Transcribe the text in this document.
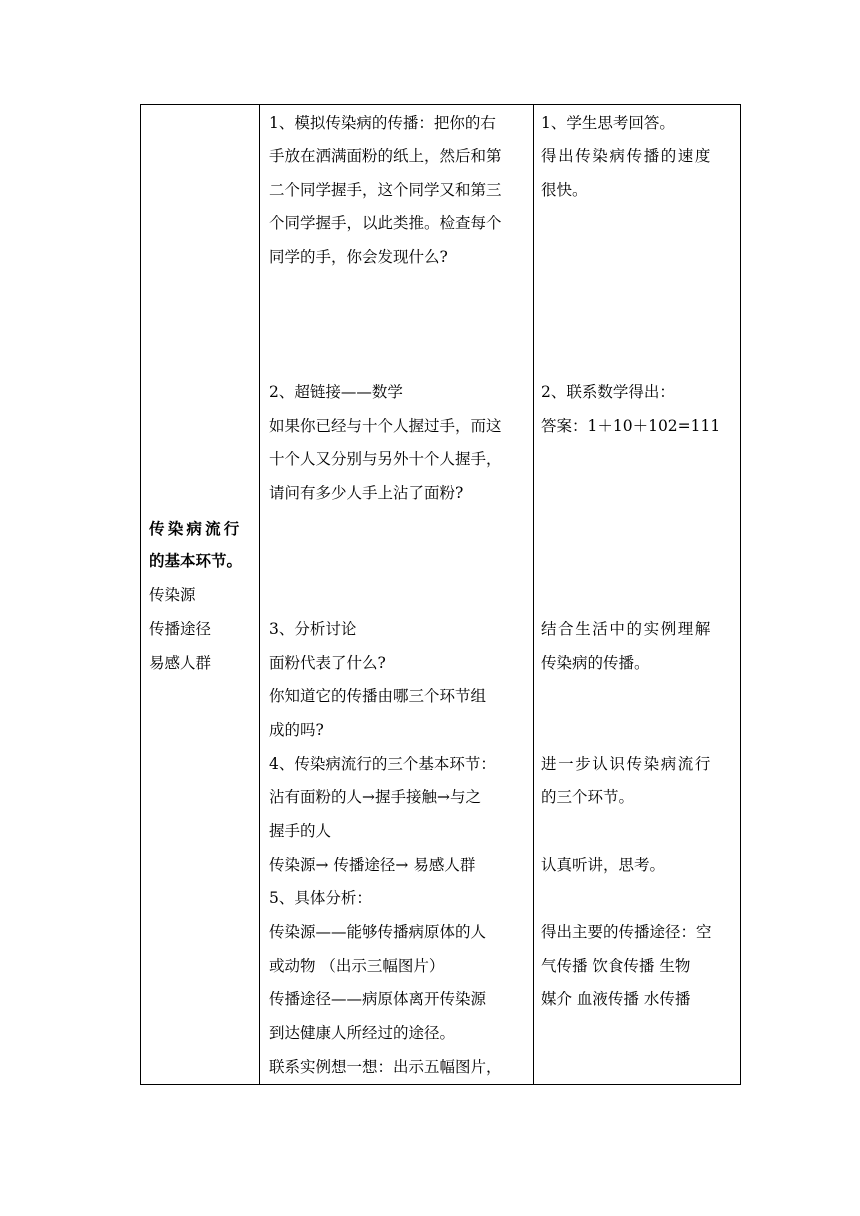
传染病流行
的基本环节。
传染源
传播途径
易感人群

1、模拟传染病的传播：把你的右
手放在洒满面粉的纸上，然后和第
二个同学握手，这个同学又和第三
个同学握手，以此类推。检查每个
同学的手，你会发现什么?
2、超链接——数学
如果你已经与十个人握过手，而这
十个人又分别与另外十个人握手，
请问有多少人手上沾了面粉?
3、分析讨论
面粉代表了什么?
你知道它的传播由哪三个环节组
成的吗?
4、传染病流行的三个基本环节：
沾有面粉的人→握手接触→与之
握手的人
传染源→ 传播途径→ 易感人群
5、具体分析：
传染源——能够传播病原体的人
或动物 （出示三幅图片）
传播途径——病原体离开传染源
到达健康人所经过的途径。
联系实例想一想：出示五幅图片，

1、学生思考回答。
得出传染病传播的速度
很快。
2、联系数学得出：
答案：1＋10＋102=111
结合生活中的实例理解
传染病的传播。
进一步认识传染病流行
的三个环节。
认真听讲，思考。
得出主要的传播途径：空
气传播 饮食传播 生物
媒介 血液传播 水传播
